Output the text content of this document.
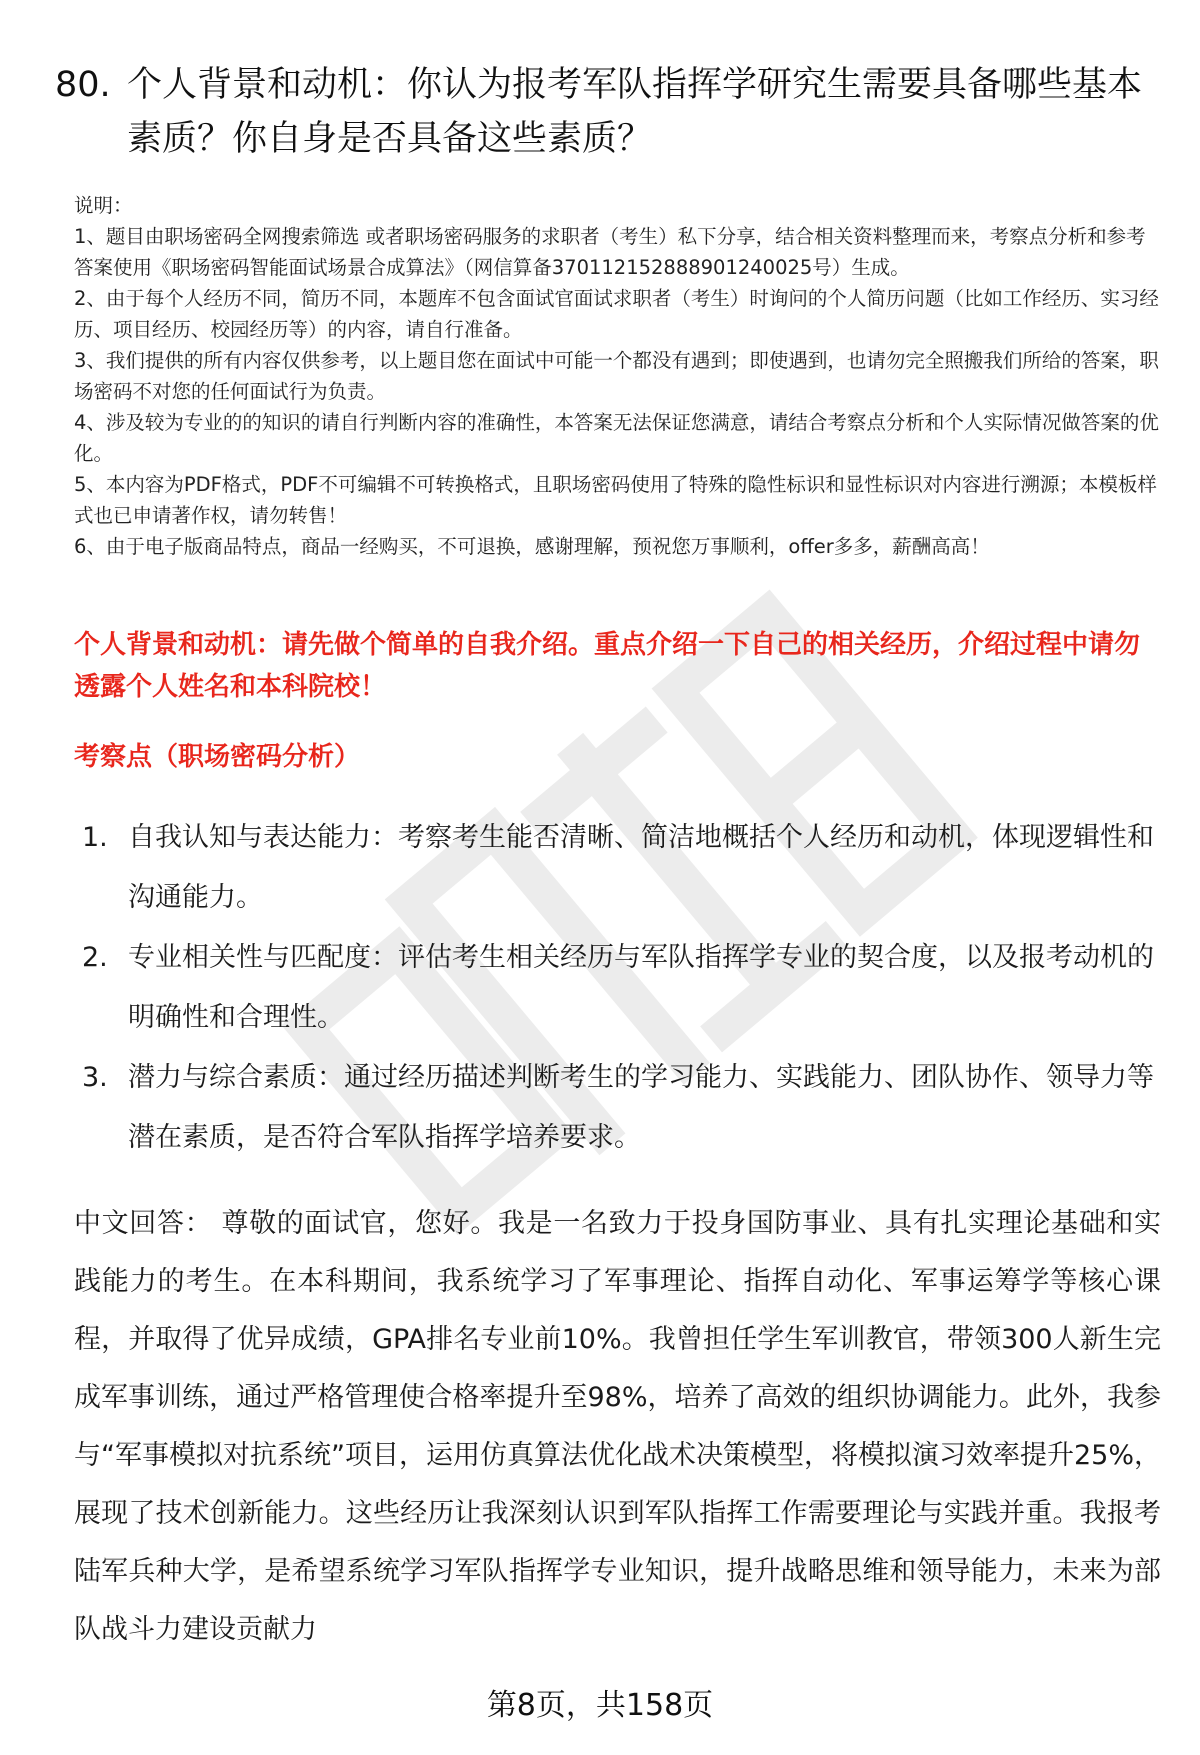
80. 个人背景和动机：你认为报考军队指挥学研究生需要具备哪些基本素质？你自身是否具备这些素质？

说明：

1、题目由职场密码全网搜索筛选 或者职场密码服务的求职者（考生）私下分享，结合相关资料整理而来，考察点分析和参考答案使用《职场密码智能面试场景合成算法》（网信算备370112152888901240025号）生成。

2、由于每个人经历不同，简历不同，本题库不包含面试官面试求职者（考生）时询问的个人简历问题（比如工作经历、实习经历、项目经历、校园经历等）的内容，请自行准备。

3、我们提供的所有内容仅供参考，以上题目您在面试中可能一个都没有遇到；即使遇到，也请勿完全照搬我们所给的答案，职场密码不对您的任何面试行为负责。

4、涉及较为专业的的知识的请自行判断内容的准确性，本答案无法保证您满意，请结合考察点分析和个人实际情况做答案的优化。

5、本内容为PDF格式，PDF不可编辑不可转换格式，且职场密码使用了特殊的隐性标识和显性标识对内容进行溯源；本模板样式也已申请著作权，请勿转售！

6、由于电子版商品特点，商品一经购买，不可退换，感谢理解，预祝您万事顺利，offer多多，薪酬高高！

个人背景和动机：请先做个简单的自我介绍。重点介绍一下自己的相关经历，介绍过程中请勿透露个人姓名和本科院校！
考察点（职场密码分析）
1. 自我认知与表达能力：考察考生能否清晰、简洁地概括个人经历和动机，体现逻辑性和沟通能力。
2. 专业相关性与匹配度：评估考生相关经历与军队指挥学专业的契合度，以及报考动机的明确性和合理性。
3. 潜力与综合素质：通过经历描述判断考生的学习能力、实践能力、团队协作、领导力等潜在素质，是否符合军队指挥学培养要求。
中文回答： 尊敬的面试官，您好。我是一名致力于投身国防事业、具有扎实理论基础和实践能力的考生。在本科期间，我系统学习了军事理论、指挥自动化、军事运筹学等核心课程，并取得了优异成绩，GPA排名专业前10%。我曾担任学生军训教官，带领300人新生完成军事训练，通过严格管理使合格率提升至98%，培养了高效的组织协调能力。此外，我参与“军事模拟对抗系统”项目，运用仿真算法优化战术决策模型，将模拟演习效率提升25%，展现了技术创新能力。这些经历让我深刻认识到军队指挥工作需要理论与实践并重。我报考陆军兵种大学，是希望系统学习军队指挥学专业知识，提升战略思维和领导能力，未来为部队战斗力建设贡献力
第8页，共158页
